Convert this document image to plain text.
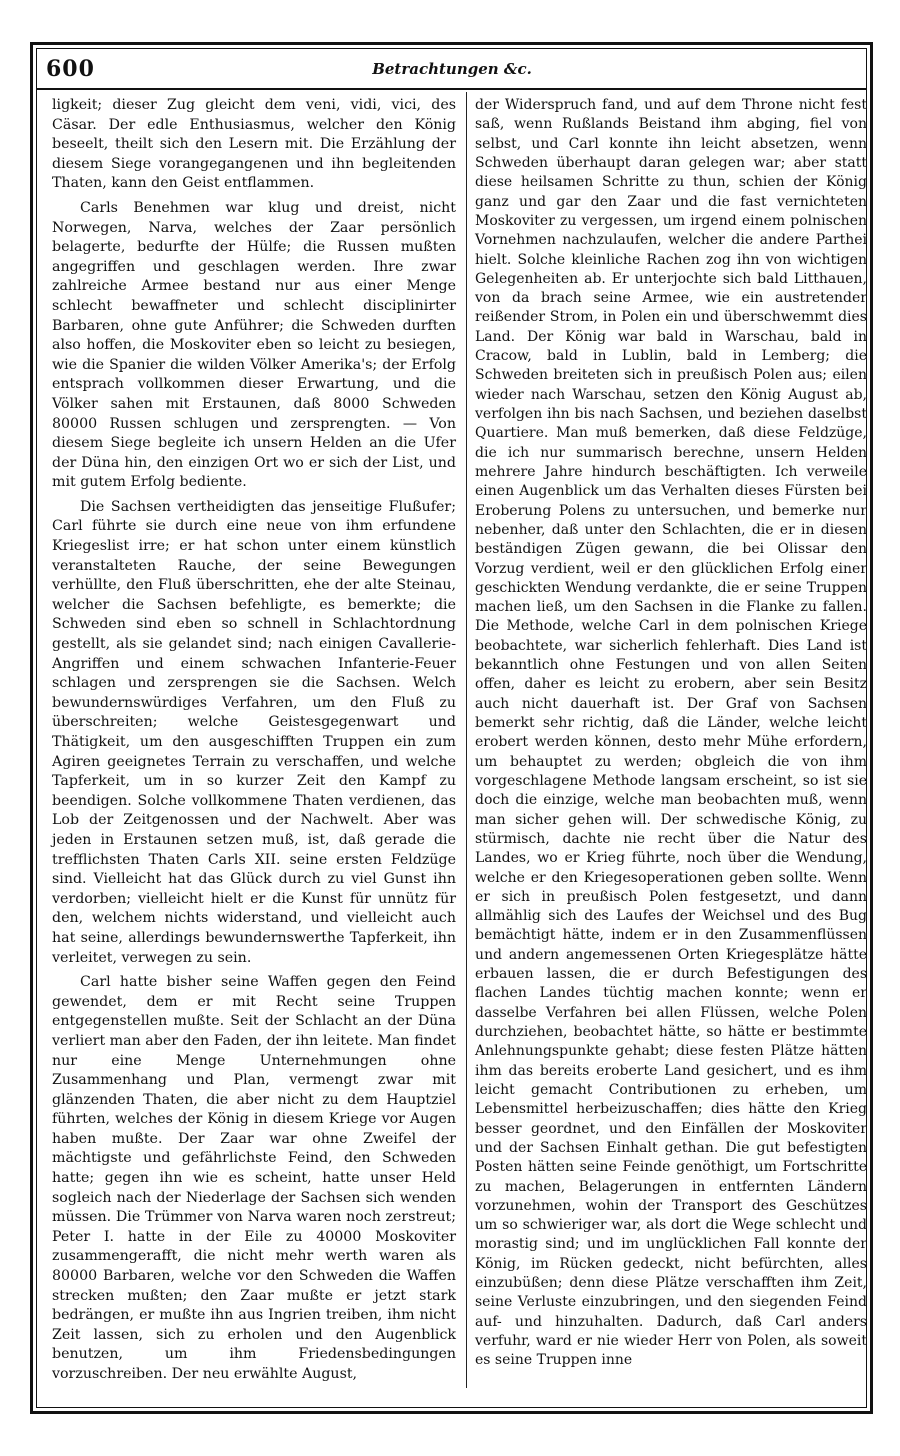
600	Betrachtungen &c.

ligkeit; dieser Zug gleicht dem veni, vidi, vici, des Cäsar. Der edle Enthusiasmus, welcher den König beseelt, theilt sich den Lesern mit. Die Erzählung der diesem Siege vorangegangenen und ihn begleitenden Thaten, kann den Geist entflammen.

Carls Benehmen war klug und dreist, nicht Norwegen, Narva, welches der Zaar persönlich belagerte, bedurfte der Hülfe; die Russen mußten angegriffen und geschlagen werden. Ihre zwar zahlreiche Armee bestand nur aus einer Menge schlecht bewaffneter und schlecht disciplinirter Barbaren, ohne gute Anführer; die Schweden durften also hoffen, die Moskoviter eben so leicht zu besiegen, wie die Spanier die wilden Völker Amerika's; der Erfolg entsprach vollkommen dieser Erwartung, und die Völker sahen mit Erstaunen, daß 8000 Schweden 80000 Russen schlugen und zersprengten. — Von diesem Siege begleite ich unsern Helden an die Ufer der Düna hin, den einzigen Ort wo er sich der List, und mit gutem Erfolg bediente.

Die Sachsen vertheidigten das jenseitige Flußufer; Carl führte sie durch eine neue von ihm erfundene Kriegeslist irre; er hat schon unter einem künstlich veranstalteten Rauche, der seine Bewegungen verhüllte, den Fluß überschritten, ehe der alte Steinau, welcher die Sachsen befehligte, es bemerkte; die Schweden sind eben so schnell in Schlachtordnung gestellt, als sie gelandet sind; nach einigen Cavallerie-Angriffen und einem schwachen Infanterie-Feuer schlagen und zersprengen sie die Sachsen. Welch bewundernswürdiges Verfahren, um den Fluß zu überschreiten; welche Geistesgegenwart und Thätigkeit, um den ausgeschifften Truppen ein zum Agiren geeignetes Terrain zu verschaffen, und welche Tapferkeit, um in so kurzer Zeit den Kampf zu beendigen. Solche vollkommene Thaten verdienen, das Lob der Zeitgenossen und der Nachwelt. Aber was jeden in Erstaunen setzen muß, ist, daß gerade die trefflichsten Thaten Carls XII. seine ersten Feldzüge sind. Vielleicht hat das Glück durch zu viel Gunst ihn verdorben; vielleicht hielt er die Kunst für unnütz für den, welchem nichts widerstand, und vielleicht auch hat seine, allerdings bewundernswerthe Tapferkeit, ihn verleitet, verwegen zu sein.

Carl hatte bisher seine Waffen gegen den Feind gewendet, dem er mit Recht seine Truppen entgegenstellen mußte. Seit der Schlacht an der Düna verliert man aber den Faden, der ihn leitete. Man findet nur eine Menge Unternehmungen ohne Zusammenhang und Plan, vermengt zwar mit glänzenden Thaten, die aber nicht zu dem Hauptziel führten, welches der König in diesem Kriege vor Augen haben mußte. Der Zaar war ohne Zweifel der mächtigste und gefährlichste Feind, den Schweden hatte; gegen ihn wie es scheint, hatte unser Held sogleich nach der Niederlage der Sachsen sich wenden müssen. Die Trümmer von Narva waren noch zerstreut; Peter I. hatte in der Eile zu 40000 Moskoviter zusammengerafft, die nicht mehr werth waren als 80000 Barbaren, welche vor den Schweden die Waffen strecken mußten; den Zaar mußte er jetzt stark bedrängen, er mußte ihn aus Ingrien treiben, ihm nicht Zeit lassen, sich zu erholen und den Augenblick benutzen, um ihm Friedensbedingungen vorzuschreiben. Der neu erwählte August,

der Widerspruch fand, und auf dem Throne nicht fest saß, wenn Rußlands Beistand ihm abging, fiel von selbst, und Carl konnte ihn leicht absetzen, wenn Schweden überhaupt daran gelegen war; aber statt diese heilsamen Schritte zu thun, schien der König ganz und gar den Zaar und die fast vernichteten Moskoviter zu vergessen, um irgend einem polnischen Vornehmen nachzulaufen, welcher die andere Parthei hielt. Solche kleinliche Rachen zog ihn von wichtigen Gelegenheiten ab. Er unterjochte sich bald Litthauen, von da brach seine Armee, wie ein austretender reißender Strom, in Polen ein und überschwemmt dies Land. Der König war bald in Warschau, bald in Cracow, bald in Lublin, bald in Lemberg; die Schweden breiteten sich in preußisch Polen aus; eilen wieder nach Warschau, setzen den König August ab, verfolgen ihn bis nach Sachsen, und beziehen daselbst Quartiere. Man muß bemerken, daß diese Feldzüge, die ich nur summarisch berechne, unsern Helden mehrere Jahre hindurch beschäftigten. Ich verweile einen Augenblick um das Verhalten dieses Fürsten bei Eroberung Polens zu untersuchen, und bemerke nur nebenher, daß unter den Schlachten, die er in diesen beständigen Zügen gewann, die bei Olissar den Vorzug verdient, weil er den glücklichen Erfolg einer geschickten Wendung verdankte, die er seine Truppen machen ließ, um den Sachsen in die Flanke zu fallen. Die Methode, welche Carl in dem polnischen Kriege beobachtete, war sicherlich fehlerhaft. Dies Land ist bekanntlich ohne Festungen und von allen Seiten offen, daher es leicht zu erobern, aber sein Besitz auch nicht dauerhaft ist. Der Graf von Sachsen bemerkt sehr richtig, daß die Länder, welche leicht erobert werden können, desto mehr Mühe erfordern, um behauptet zu werden; obgleich die von ihm vorgeschlagene Methode langsam erscheint, so ist sie doch die einzige, welche man beobachten muß, wenn man sicher gehen will. Der schwedische König, zu stürmisch, dachte nie recht über die Natur des Landes, wo er Krieg führte, noch über die Wendung, welche er den Kriegesoperationen geben sollte. Wenn er sich in preußisch Polen festgesetzt, und dann allmählig sich des Laufes der Weichsel und des Bug bemächtigt hätte, indem er in den Zusammenflüssen und andern angemessenen Orten Kriegesplätze hätte erbauen lassen, die er durch Befestigungen des flachen Landes tüchtig machen konnte; wenn er dasselbe Verfahren bei allen Flüssen, welche Polen durchziehen, beobachtet hätte, so hätte er bestimmte Anlehnungspunkte gehabt; diese festen Plätze hätten ihm das bereits eroberte Land gesichert, und es ihm leicht gemacht Contributionen zu erheben, um Lebensmittel herbeizuschaffen; dies hätte den Krieg besser geordnet, und den Einfällen der Moskoviter und der Sachsen Einhalt gethan. Die gut befestigten Posten hätten seine Feinde genöthigt, um Fortschritte zu machen, Belagerungen in entfernten Ländern vorzunehmen, wohin der Transport des Geschützes um so schwieriger war, als dort die Wege schlecht und morastig sind; und im unglücklichen Fall konnte der König, im Rücken gedeckt, nicht befürchten, alles einzubüßen; denn diese Plätze verschafften ihm Zeit, seine Verluste einzubringen, und den siegenden Feind auf- und hinzuhalten. Dadurch, daß Carl anders verfuhr, ward er nie wieder Herr von Polen, als soweit es seine Truppen inne
